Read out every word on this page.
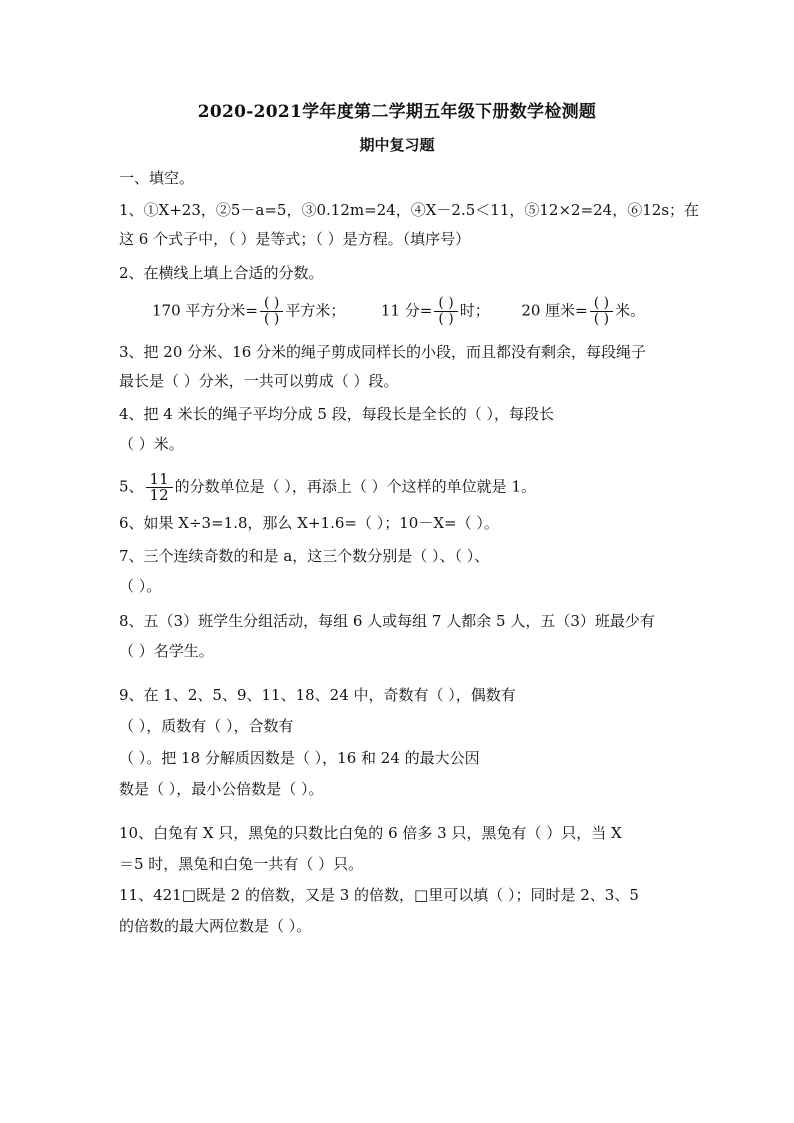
2020-2021学年度第二学期五年级下册数学检测题
期中复习题
一、填空。
1、①X+23，②5－a=5，③0.12m=24，④X－2.5＜11，⑤12×2=24，⑥12s；在
这 6 个式子中，（ ）是等式；（ ）是方程。（填序号）
2、在横线上填上合适的分数。
170 平方分米= $\frac{( )}{( )}$ 平方米； 11 分= $\frac{( )}{( )}$ 时； 20 厘米= $\frac{( )}{( )}$ 米。
3、把 20 分米、16 分米的绳子剪成同样长的小段，而且都没有剩余，每段绳子
最长是（ ）分米，一共可以剪成（ ）段。
4、把 4 米长的绳子平均分成 5 段，每段长是全长的（ ），每段长
（ ）米。
5、 $\frac{11}{12}$ 的分数单位是（ ），再添上（ ）个这样的单位就是 1。
6、如果 X÷3=1.8，那么 X+1.6=（ ）；10－X=（ ）。
7、三个连续奇数的和是 a，这三个数分别是（ ）、（ ）、
（ ）。
8、五（3）班学生分组活动，每组 6 人或每组 7 人都余 5 人，五（3）班最少有
（ ）名学生。
9、在 1、2、5、9、11、18、24 中，奇数有（ ），偶数有
（ ），质数有（ ），合数有
（ ）。把 18 分解质因数是（ ），16 和 24 的最大公因
数是（ ），最小公倍数是（ ）。
10、白兔有 X 只，黑兔的只数比白兔的 6 倍多 3 只，黑兔有（ ）只，当 X
＝5 时，黑兔和白兔一共有（ ）只。
11、421□既是 2 的倍数，又是 3 的倍数，□里可以填（ ）；同时是 2、3、5
的倍数的最大两位数是（ ）。
